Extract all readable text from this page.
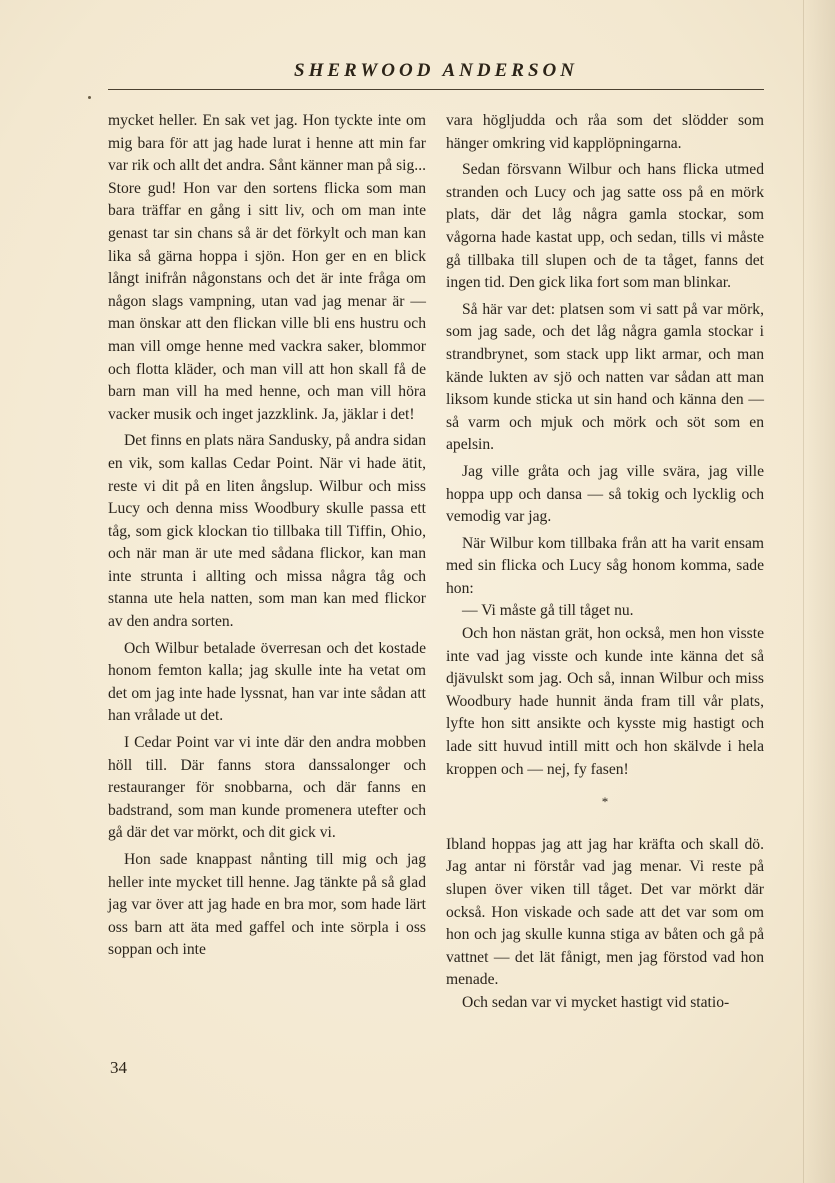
SHERWOOD ANDERSON

mycket heller. En sak vet jag. Hon tyckte inte om mig bara för att jag hade lurat i henne att min far var rik och allt det andra. Sånt känner man på sig... Store gud! Hon var den sortens flicka som man bara träffar en gång i sitt liv, och om man inte genast tar sin chans så är det förkylt och man kan lika så gärna hoppa i sjön. Hon ger en en blick långt inifrån någonstans och det är inte fråga om någon slags vampning, utan vad jag menar är — man önskar att den flickan ville bli ens hustru och man vill omge henne med vackra saker, blommor och flotta kläder, och man vill att hon skall få de barn man vill ha med henne, och man vill höra vacker musik och inget jazzklink. Ja, jäklar i det!

Det finns en plats nära Sandusky, på andra sidan en vik, som kallas Cedar Point. När vi hade ätit, reste vi dit på en liten ångslup. Wilbur och miss Lucy och denna miss Woodbury skulle passa ett tåg, som gick klockan tio tillbaka till Tiffin, Ohio, och när man är ute med sådana flickor, kan man inte strunta i allting och missa några tåg och stanna ute hela natten, som man kan med flickor av den andra sorten.

Och Wilbur betalade överresan och det kostade honom femton kalla; jag skulle inte ha vetat om det om jag inte hade lyssnat, han var inte sådan att han vrålade ut det.

I Cedar Point var vi inte där den andra mobben höll till. Där fanns stora danssalonger och restauranger för snobbarna, och där fanns en badstrand, som man kunde promenera utefter och gå där det var mörkt, och dit gick vi.

Hon sade knappast nånting till mig och jag heller inte mycket till henne. Jag tänkte på så glad jag var över att jag hade en bra mor, som hade lärt oss barn att äta med gaffel och inte sörpla i oss soppan och inte

vara högljudda och råa som det slödder som hänger omkring vid kapplöpningarna.

Sedan försvann Wilbur och hans flicka utmed stranden och Lucy och jag satte oss på en mörk plats, där det låg några gamla stockar, som vågorna hade kastat upp, och sedan, tills vi måste gå tillbaka till slupen och de ta tåget, fanns det ingen tid. Den gick lika fort som man blinkar.

Så här var det: platsen som vi satt på var mörk, som jag sade, och det låg några gamla stockar i strandbrynet, som stack upp likt armar, och man kände lukten av sjö och natten var sådan att man liksom kunde sticka ut sin hand och känna den — så varm och mjuk och mörk och söt som en apelsin.

Jag ville gråta och jag ville svära, jag ville hoppa upp och dansa — så tokig och lycklig och vemodig var jag.

När Wilbur kom tillbaka från att ha varit ensam med sin flicka och Lucy såg honom komma, sade hon:

— Vi måste gå till tåget nu.

Och hon nästan grät, hon också, men hon visste inte vad jag visste och kunde inte känna det så djävulskt som jag. Och så, innan Wilbur och miss Woodbury hade hunnit ända fram till vår plats, lyfte hon sitt ansikte och kysste mig hastigt och lade sitt huvud intill mitt och hon skälvde i hela kroppen och — nej, fy fasen!

*

Ibland hoppas jag att jag har kräfta och skall dö. Jag antar ni förstår vad jag menar. Vi reste på slupen över viken till tåget. Det var mörkt där också. Hon viskade och sade att det var som om hon och jag skulle kunna stiga av båten och gå på vattnet — det lät fånigt, men jag förstod vad hon menade.

Och sedan var vi mycket hastigt vid statio-

34
